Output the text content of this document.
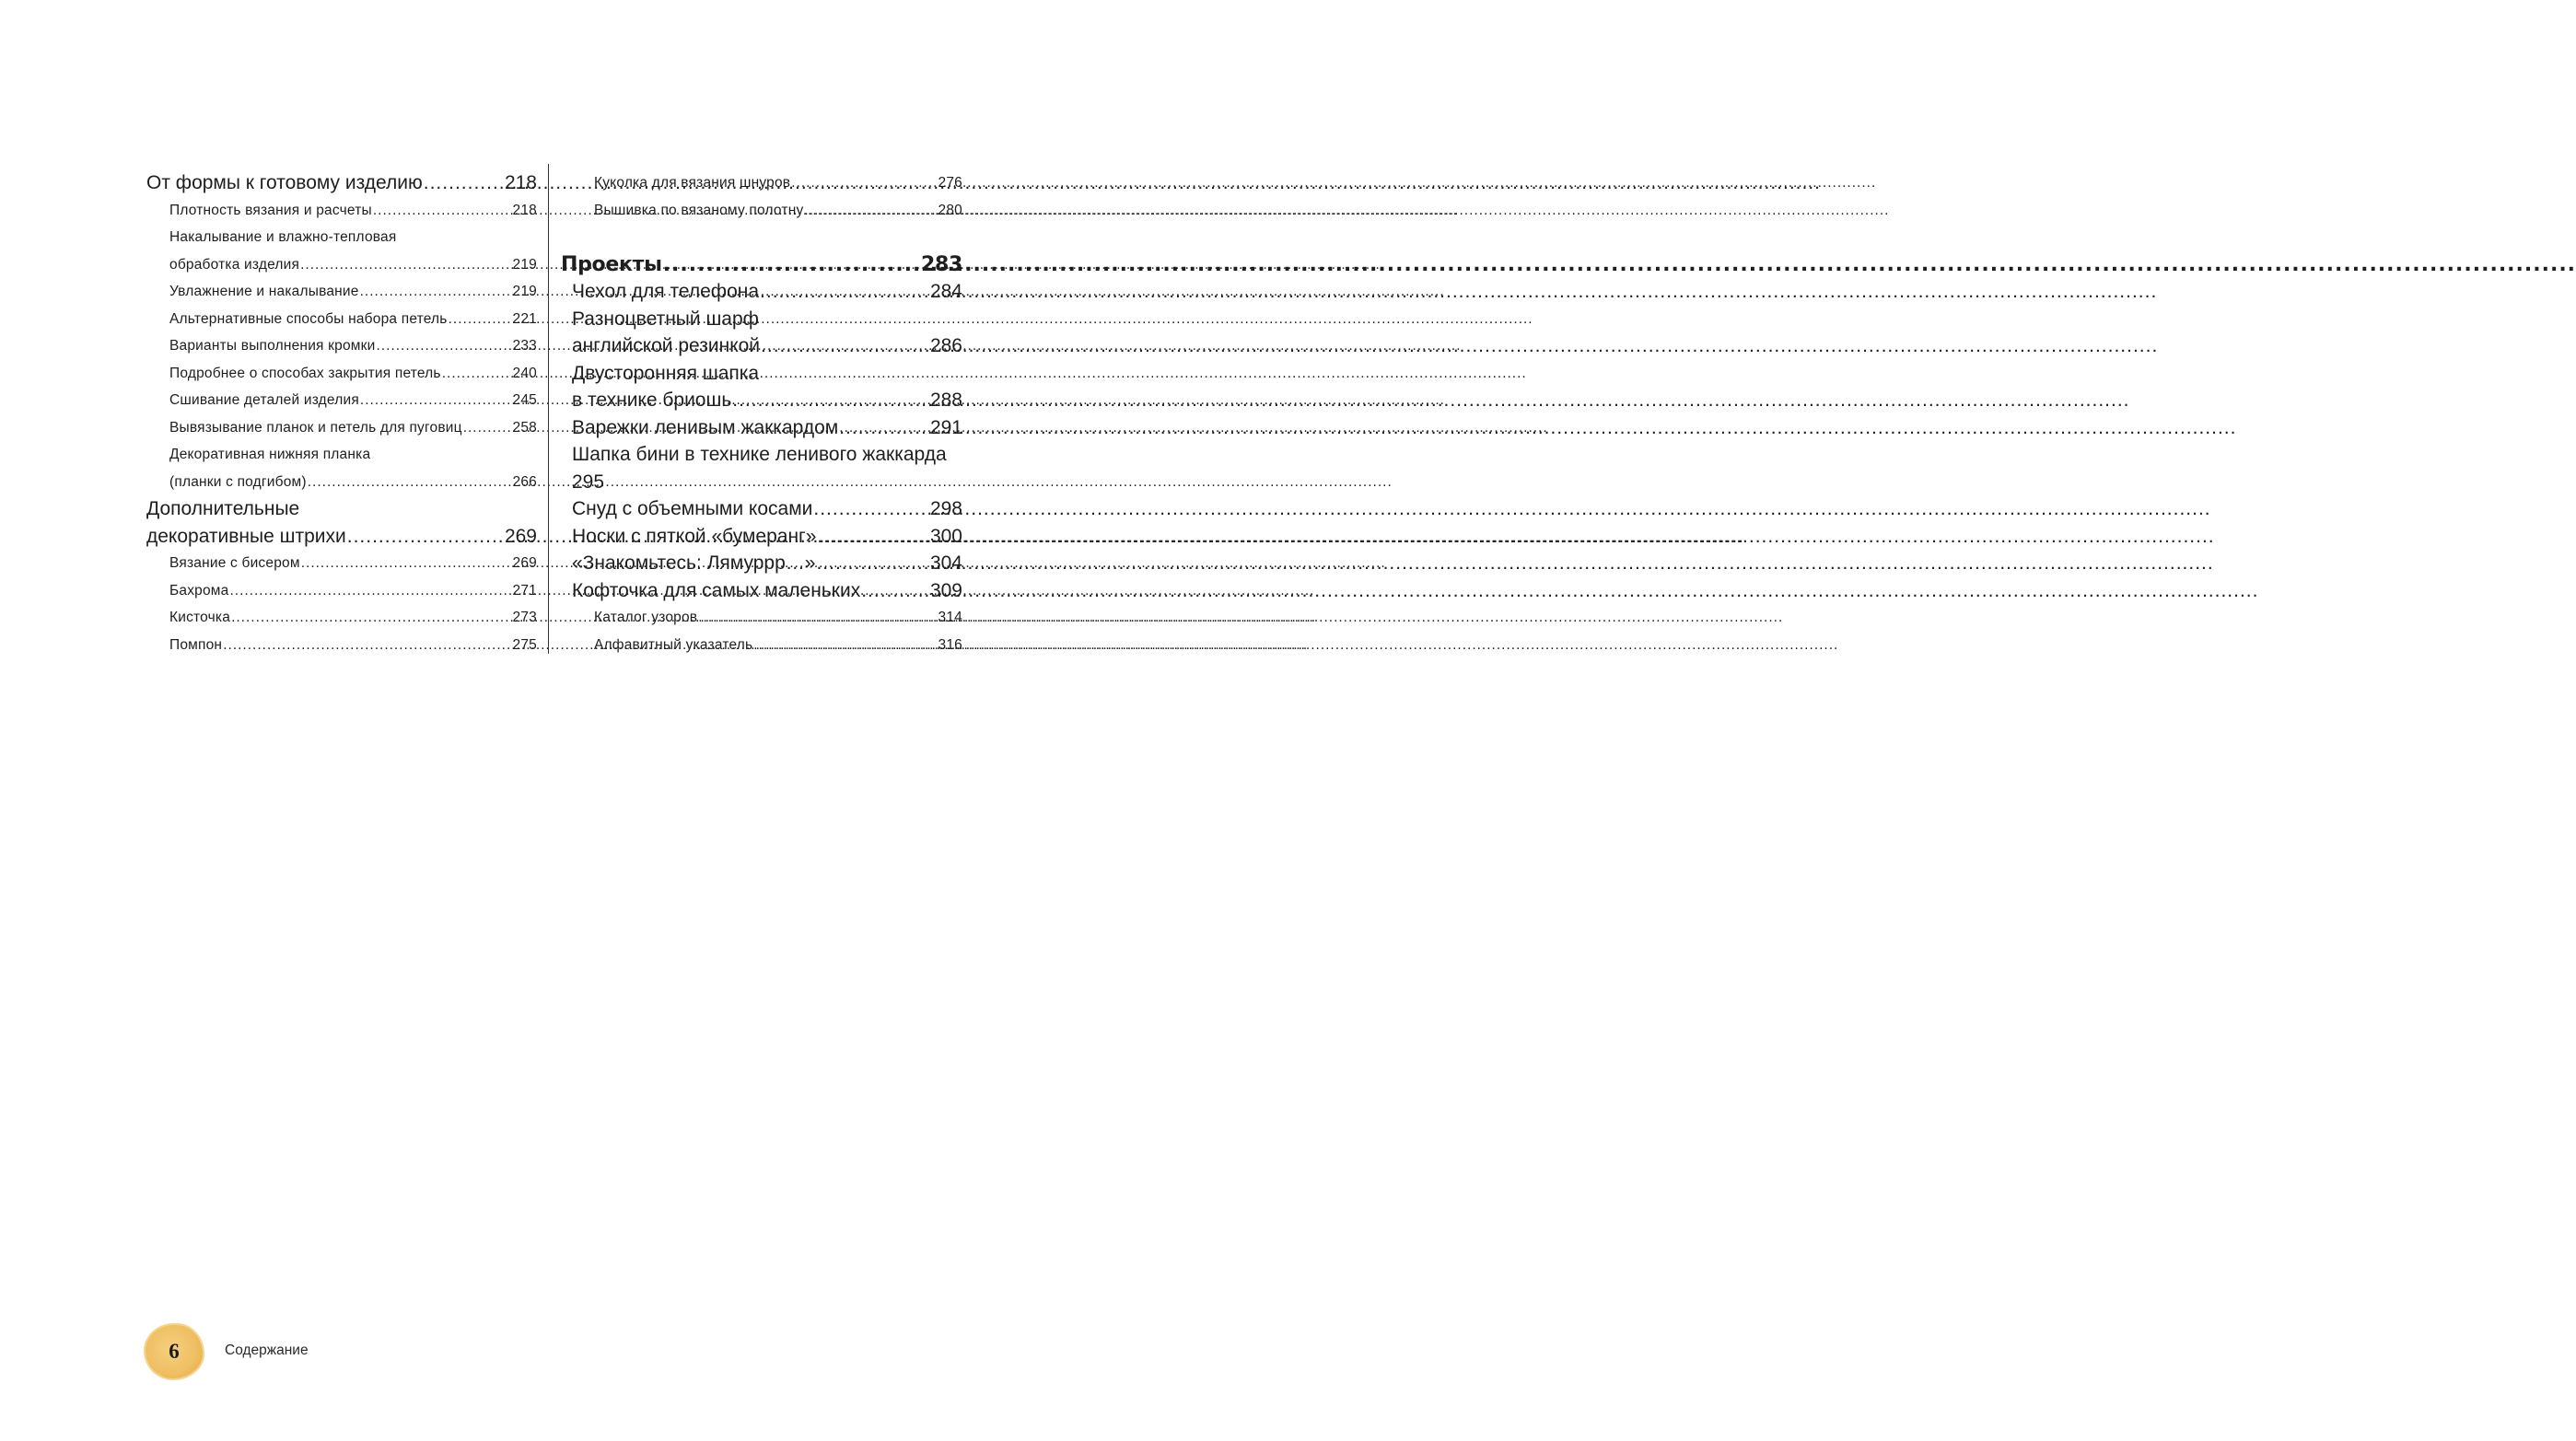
От формы к готовому изделию .....	218
Плотность вязания и расчеты .....	218
Накалывание и влажно-тепловая
обработка изделия .....	219
Увлажнение и накалывание .....	219
Альтернативные способы набора петель .....	221
Варианты выполнения кромки .....	233
Подробнее о способах закрытия петель .....	240
Сшивание деталей изделия .....	245
Вывязывание планок и петель для пуговиц .....	258
Декоративная нижняя планка
(планки с подгибом) .....	266
Дополнительные
декоративные штрихи .....	269
Вязание с бисером .....	269
Бахрома .....	271
Кисточка .....	273
Помпон .....	275
Куколка для вязания шнуров .....	276
Вышивка по вязаному полотну .....	280
Проекты .....	283
Чехол для телефона .....	284
Разноцветный шарф
английской резинкой .....	286
Двусторонняя шапка
в технике бриошь .....	288
Варежки ленивым жаккардом .....	291
Шапка бини в технике ленивого жаккарда
295
Снуд с объемными косами .....	298
Носки с пяткой «бумеранг» .....	300
«Знакомьтесь: Лямуррр…» .....	304
Кофточка для самых маленьких .....	309
Каталог узоров .....	314
Алфавитный указатель .....	316
6	Содержание
